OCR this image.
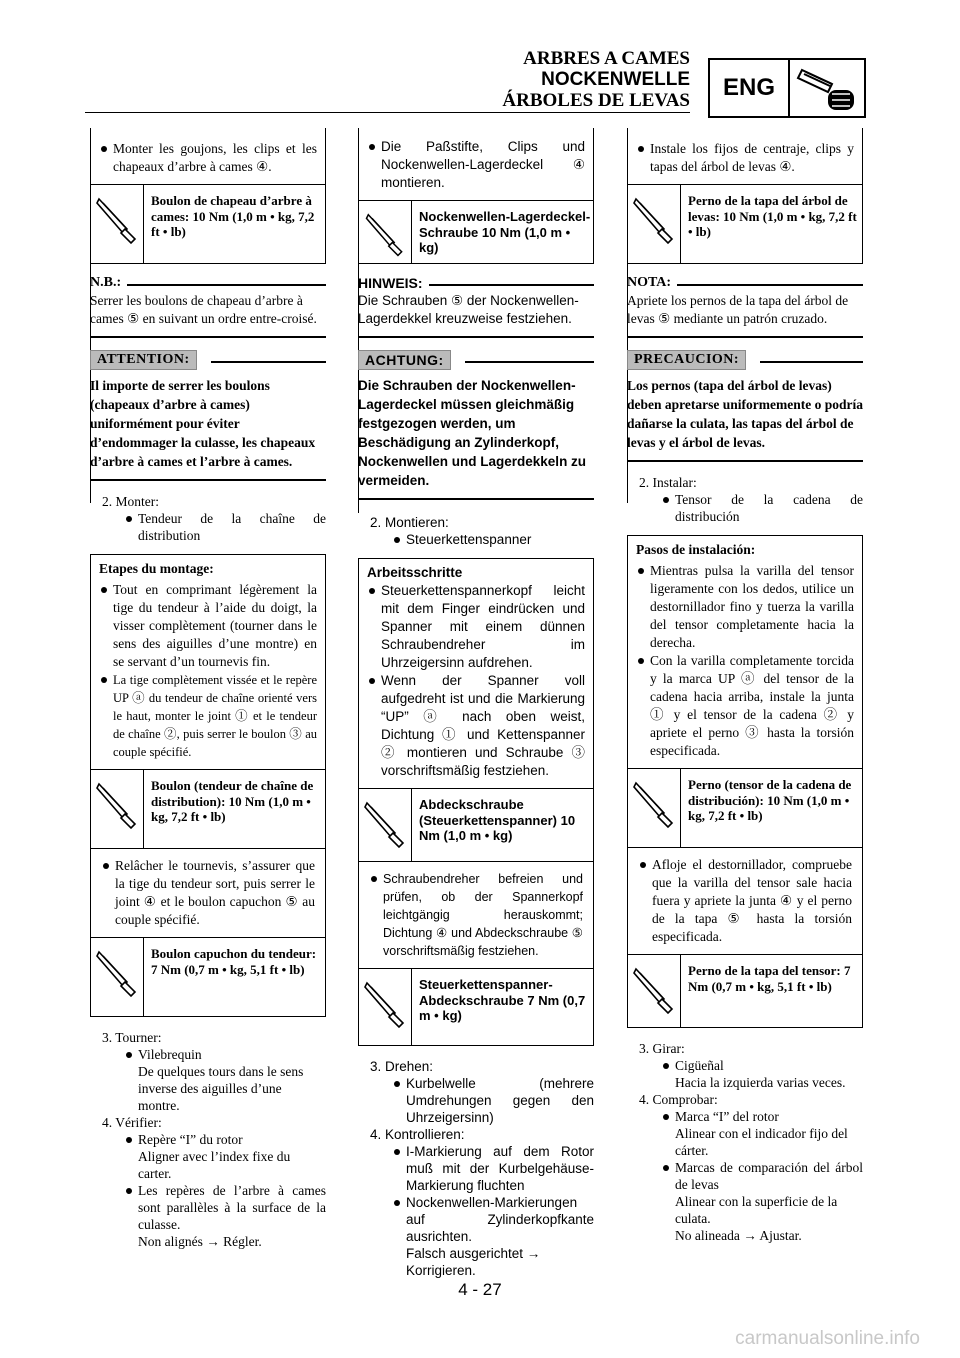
ARBRES A CAMES
NOCKENWELLE
ÁRBOLES DE LEVAS	ENG
Monter les goujons, les clips et les chapeaux d’arbre à cames ④.
Boulon de chapeau d’arbre à cames: 10 Nm (1,0 m • kg, 7,2 ft • lb)
N.B.:
Serrer les boulons de chapeau d’arbre à cames ⑤ en suivant un ordre entre-croisé.
ATTENTION:
Il importe de serrer les boulons (chapeaux d’arbre à cames) uniformément pour éviter d’endommager la culasse, les chapeaux d’arbre à cames et l’arbre à cames.
2. Monter:
Tendeur de la chaîne de distribution
Etapes du montage:
Tout en comprimant légèrement la tige du tendeur à l’aide du doigt, la visser complètement (tourner dans le sens des aiguilles d’une montre) en se servant d’un tournevis fin.
La tige complètement vissée et le repère UP ⓐ du tendeur de chaîne orienté vers le haut, monter le joint ① et le tendeur de chaîne ②, puis serrer le boulon ③ au couple spécifié.
Boulon (tendeur de chaîne de distribution): 10 Nm (1,0 m • kg, 7,2 ft • lb)
Relâcher le tournevis, s’assurer que la tige du tendeur sort, puis serrer le joint ④ et le boulon capuchon ⑤ au couple spécifié.
Boulon capuchon du tendeur: 7 Nm (0,7 m • kg, 5,1 ft • lb)
3. Tourner:
Vilebrequin
De quelques tours dans le sens inverse des aiguilles d’une montre.
4. Vérifier:
Repère “I” du rotor
Aligner avec l’index fixe du carter.
Les repères de l’arbre à cames sont parallèles à la surface de la culasse.
Non alignés → Régler.
Die Paßstifte, Clips und Nockenwellen-Lagerdeckel ④ montieren.
Nockenwellen-Lagerdeckel-Schraube 10 Nm (1,0 m • kg)
HINWEIS:
Die Schrauben ⑤ der Nockenwellen-Lagerdekkel kreuzweise festziehen.
ACHTUNG:
Die Schrauben der Nockenwellen-Lagerdeckel müssen gleichmäßig festgezogen werden, um Beschädigung an Zylinderkopf, Nockenwellen und Lagerdekkeln zu vermeiden.
2. Montieren:
Steuerkettenspanner
Arbeitsschritte
Steuerkettenspannerkopf leicht mit dem Finger eindrücken und Spanner mit einem dünnen Schraubendreher im Uhrzeigersinn aufdrehen.
Wenn der Spanner voll aufgedreht ist und die Markierung “UP” ⓐ nach oben weist, Dichtung ① und Kettenspanner ② montieren und Schraube ③ vorschriftsmäßig festziehen.
Abdeckschraube (Steuerkettenspanner) 10 Nm (1,0 m • kg)
Schraubendreher befreien und prüfen, ob der Spannerkopf leichtgängig herauskommt; Dichtung ④ und Abdeckschraube ⑤ vorschriftsmäßig festziehen.
Steuerkettenspanner-Abdeckschraube 7 Nm (0,7 m • kg)
3. Drehen:
Kurbelwelle (mehrere Umdrehungen gegen den Uhrzeigersinn)
4. Kontrollieren:
I-Markierung auf dem Rotor muß mit der Kurbelgehäuse-Markierung fluchten
Nockenwellen-Markierungen auf Zylinderkopfkante ausrichten.
Falsch ausgerichtet → Korrigieren.
Instale los fijos de centraje, clips y tapas del árbol de levas ④.
Perno de la tapa del árbol de levas: 10 Nm (1,0 m • kg, 7,2 ft • lb)
NOTA:
Apriete los pernos de la tapa del árbol de levas ⑤ mediante un patrón cruzado.
PRECAUCION:
Los pernos (tapa del árbol de levas) deben apretarse uniformemente o podría dañarse la culata, las tapas del árbol de levas y el árbol de levas.
2. Instalar:
Tensor de la cadena de distribución
Pasos de instalación:
Mientras pulsa la varilla del tensor ligeramente con los dedos, utilice un destornillador fino y tuerza la varilla del tensor completamente hacia la derecha.
Con la varilla completamente torcida y la marca UP ⓐ del tensor de la cadena hacia arriba, instale la junta ① y el tensor de la cadena ② y apriete el perno ③ hasta la torsión especificada.
Perno (tensor de la cadena de distribución): 10 Nm (1,0 m • kg, 7,2 ft • lb)
Afloje el destornillador, compruebe que la varilla del tensor sale hacia fuera y apriete la junta ④ y el perno de la tapa ⑤ hasta la torsión especificada.
Perno de la tapa del tensor: 7 Nm (0,7 m • kg, 5,1 ft • lb)
3. Girar:
Cigüeñal
Hacia la izquierda varias veces.
4. Comprobar:
Marca “I” del rotor
Alinear con el indicador fijo del cárter.
Marcas de comparación del árbol de levas
Alinear con la superficie de la culata.
No alineada → Ajustar.
4 - 27
carmanualsonline.info
